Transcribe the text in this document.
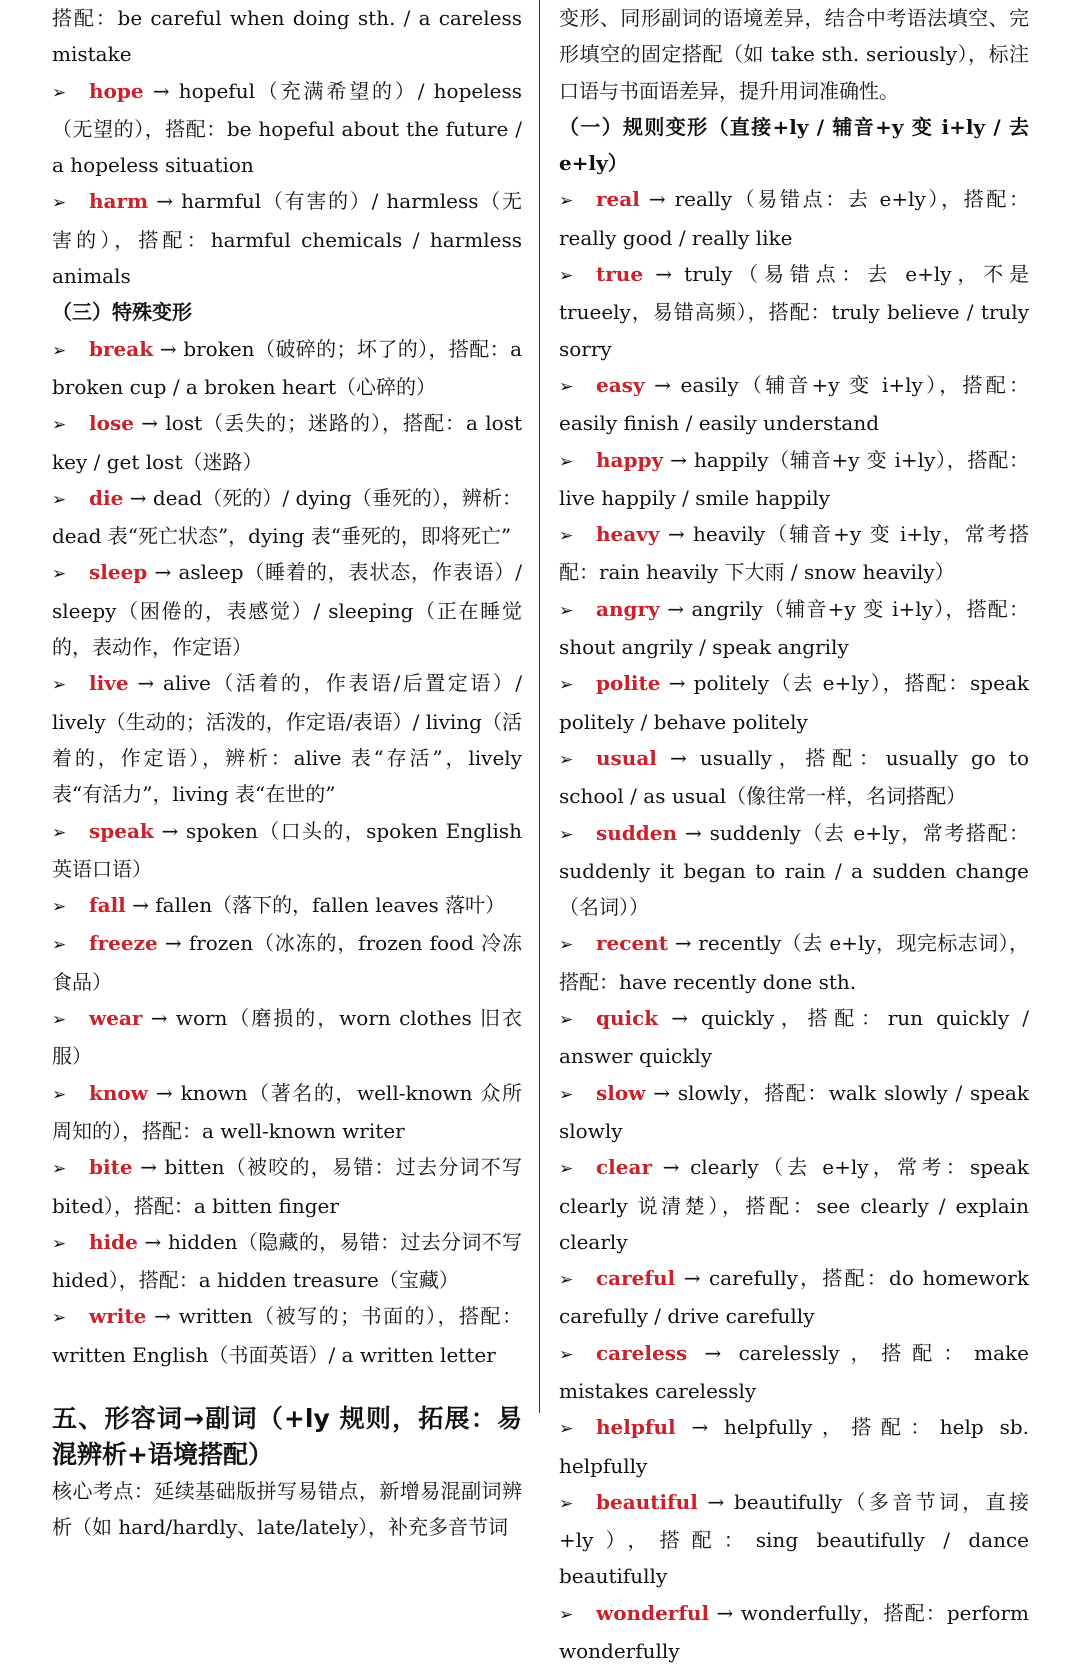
搭配：be careful when doing sth. / a careless mistake

➢ hope → hopeful（充满希望的）/ hopeless（无望的），搭配：be hopeful about the future / a hopeless situation

➢ harm → harmful（有害的）/ harmless（无害的），搭配：harmful chemicals / harmless animals

（三）特殊变形

➢ break → broken（破碎的；坏了的），搭配：a broken cup / a broken heart（心碎的）

➢ lose → lost（丢失的；迷路的），搭配：a lost key / get lost（迷路）

➢ die → dead（死的）/ dying（垂死的），辨析：dead 表“死亡状态”，dying 表“垂死的，即将死亡”

➢ sleep → asleep（睡着的，表状态，作表语）/ sleepy（困倦的，表感觉）/ sleeping（正在睡觉的，表动作，作定语）

➢ live → alive（活着的，作表语/后置定语）/ lively（生动的；活泼的，作定语/表语）/ living（活着的，作定语），辨析：alive 表“存活”，lively 表“有活力”，living 表“在世的”

➢ speak → spoken（口头的，spoken English 英语口语）

➢ fall → fallen（落下的，fallen leaves 落叶）

➢ freeze → frozen（冰冻的，frozen food 冷冻食品）

➢ wear → worn（磨损的，worn clothes 旧衣服）

➢ know → known（著名的，well-known 众所周知的），搭配：a well-known writer

➢ bite → bitten（被咬的，易错：过去分词不写bited），搭配：a bitten finger

➢ hide → hidden（隐藏的，易错：过去分词不写hided），搭配：a hidden treasure（宝藏）

➢ write → written（被写的；书面的），搭配：written English（书面英语）/ a written letter

五、形容词→副词（+ly 规则，拓展：易混辨析+语境搭配）

核心考点：延续基础版拼写易错点，新增易混副词辨析（如 hard/hardly、late/lately），补充多音节词

变形、同形副词的语境差异，结合中考语法填空、完形填空的固定搭配（如 take sth. seriously），标注口语与书面语差异，提升用词准确性。

（一）规则变形（直接+ly / 辅音+y 变 i+ly / 去 e+ly）

➢ real → really（易错点：去 e+ly），搭配：really good / really like

➢ true → truly（易错点：去 e+ly，不是 trueely，易错高频），搭配：truly believe / truly sorry

➢ easy → easily（辅音+y 变 i+ly），搭配：easily finish / easily understand

➢ happy → happily（辅音+y 变 i+ly），搭配：live happily / smile happily

➢ heavy → heavily（辅音+y 变 i+ly，常考搭配：rain heavily 下大雨 / snow heavily）

➢ angry → angrily（辅音+y 变 i+ly），搭配：shout angrily / speak angrily

➢ polite → politely（去 e+ly），搭配：speak politely / behave politely

➢ usual → usually，搭配：usually go to school / as usual（像往常一样，名词搭配）

➢ sudden → suddenly（去 e+ly，常考搭配：suddenly it began to rain / a sudden change（名词））

➢ recent → recently（去 e+ly，现完标志词），搭配：have recently done sth.

➢ quick → quickly，搭配：run quickly / answer quickly

➢ slow → slowly，搭配：walk slowly / speak slowly

➢ clear → clearly（去 e+ly，常考：speak clearly 说清楚），搭配：see clearly / explain clearly

➢ careful → carefully，搭配：do homework carefully / drive carefully

➢ careless → carelessly，搭配：make mistakes carelessly

➢ helpful → helpfully，搭配：help sb. helpfully

➢ beautiful → beautifully（多音节词，直接+ly），搭配：sing beautifully / dance beautifully

➢ wonderful → wonderfully，搭配：perform wonderfully
